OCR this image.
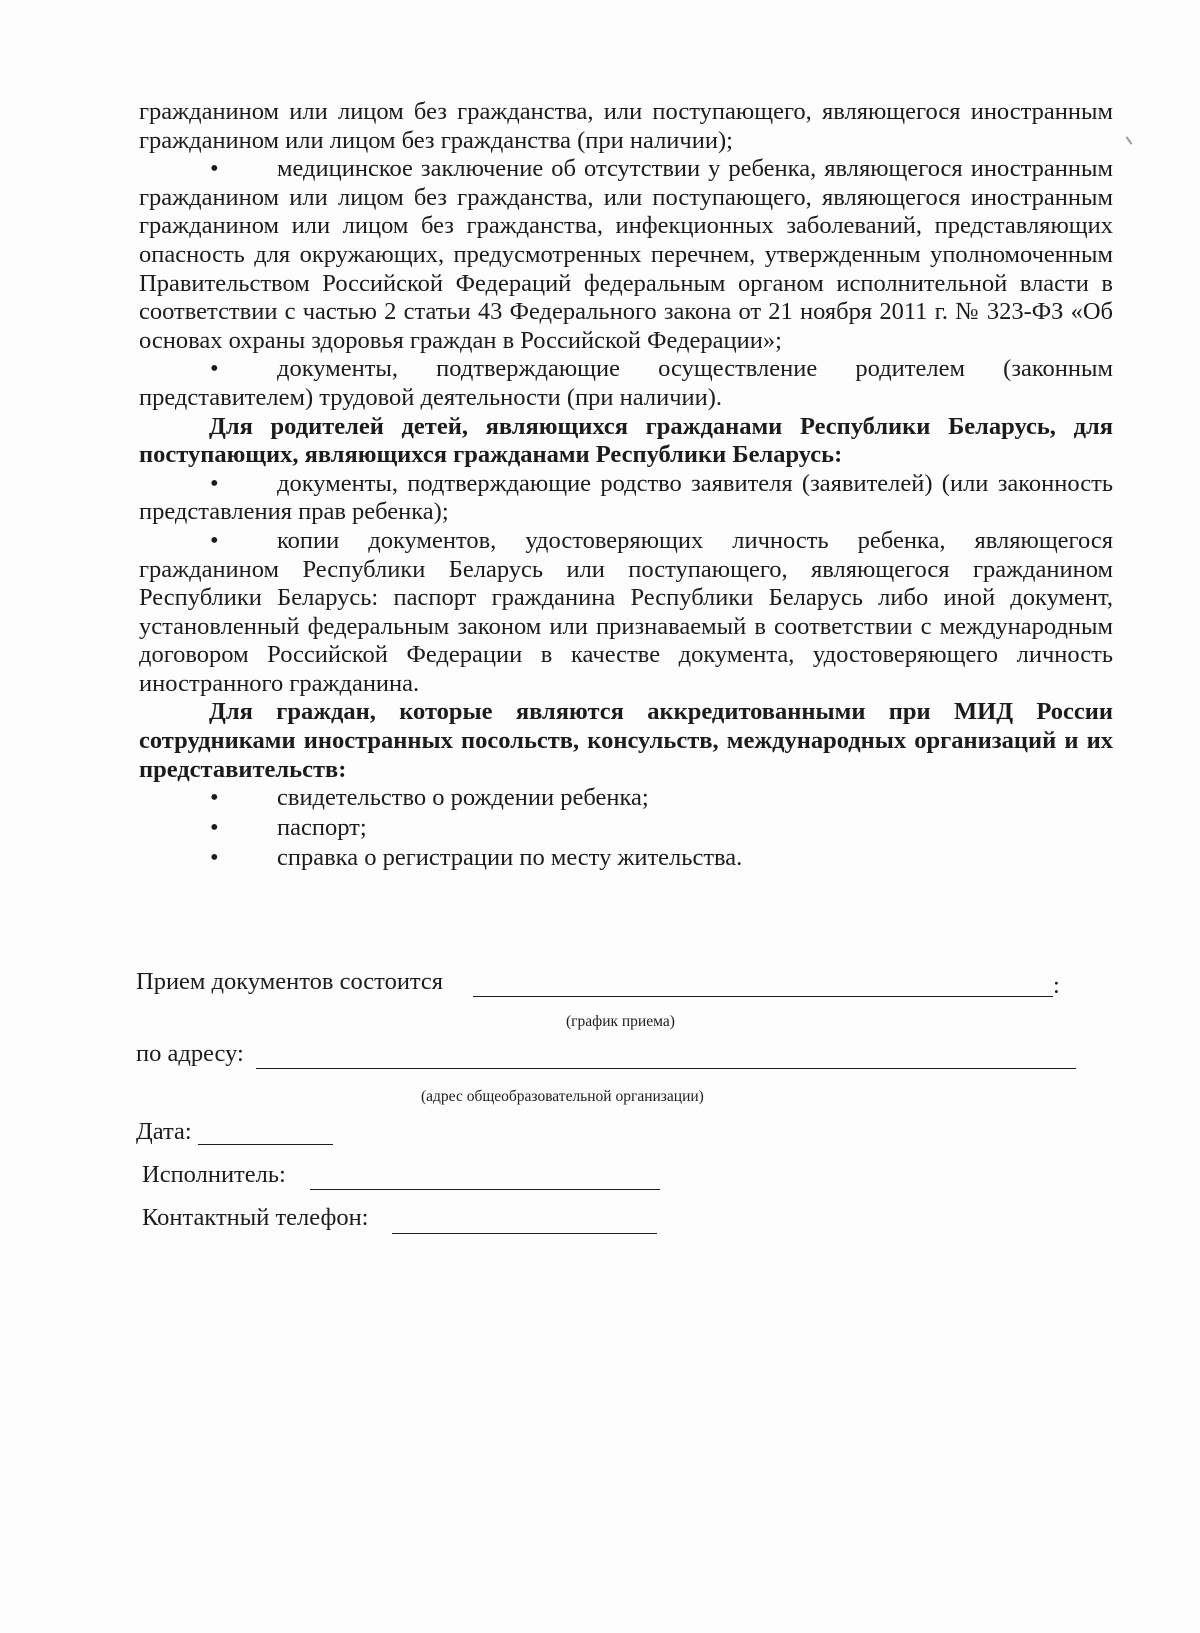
гражданином или лицом без гражданства, или поступающего, являющегося иностранным гражданином или лицом без гражданства (при наличии);

• медицинское заключение об отсутствии у ребенка, являющегося иностранным гражданином или лицом без гражданства, или поступающего, являющегося иностранным гражданином или лицом без гражданства, инфекционных заболеваний, представляющих опасность для окружающих, предусмотренных перечнем, утвержденным уполномоченным Правительством Российской Федераций федеральным органом исполнительной власти в соответствии с частью 2 статьи 43 Федерального закона от 21 ноября 2011 г. № 323-ФЗ «Об основах охраны здоровья граждан в Российской Федерации»;

• документы, подтверждающие осуществление родителем (законным представителем) трудовой деятельности (при наличии).

Для родителей детей, являющихся гражданами Республики Беларусь, для поступающих, являющихся гражданами Республики Беларусь:

• документы, подтверждающие родство заявителя (заявителей) (или законность представления прав ребенка);

• копии документов, удостоверяющих личность ребенка, являющегося гражданином Республики Беларусь или поступающего, являющегося гражданином Республики Беларусь: паспорт гражданина Республики Беларусь либо иной документ, установленный федеральным законом или признаваемый в соответствии с международным договором Российской Федерации в качестве документа, удостоверяющего личность иностранного гражданина.

Для граждан, которые являются аккредитованными при МИД России сотрудниками иностранных посольств, консульств, международных организаций и их представительств:

•	свидетельство о рождении ребенка;
•	паспорт;
•	справка о регистрации по месту жительства.
Прием документов состоится	:
(график приема)
по адресу:
(адрес общеобразовательной организации)
Дата:
Исполнитель:
Контактный телефон:
